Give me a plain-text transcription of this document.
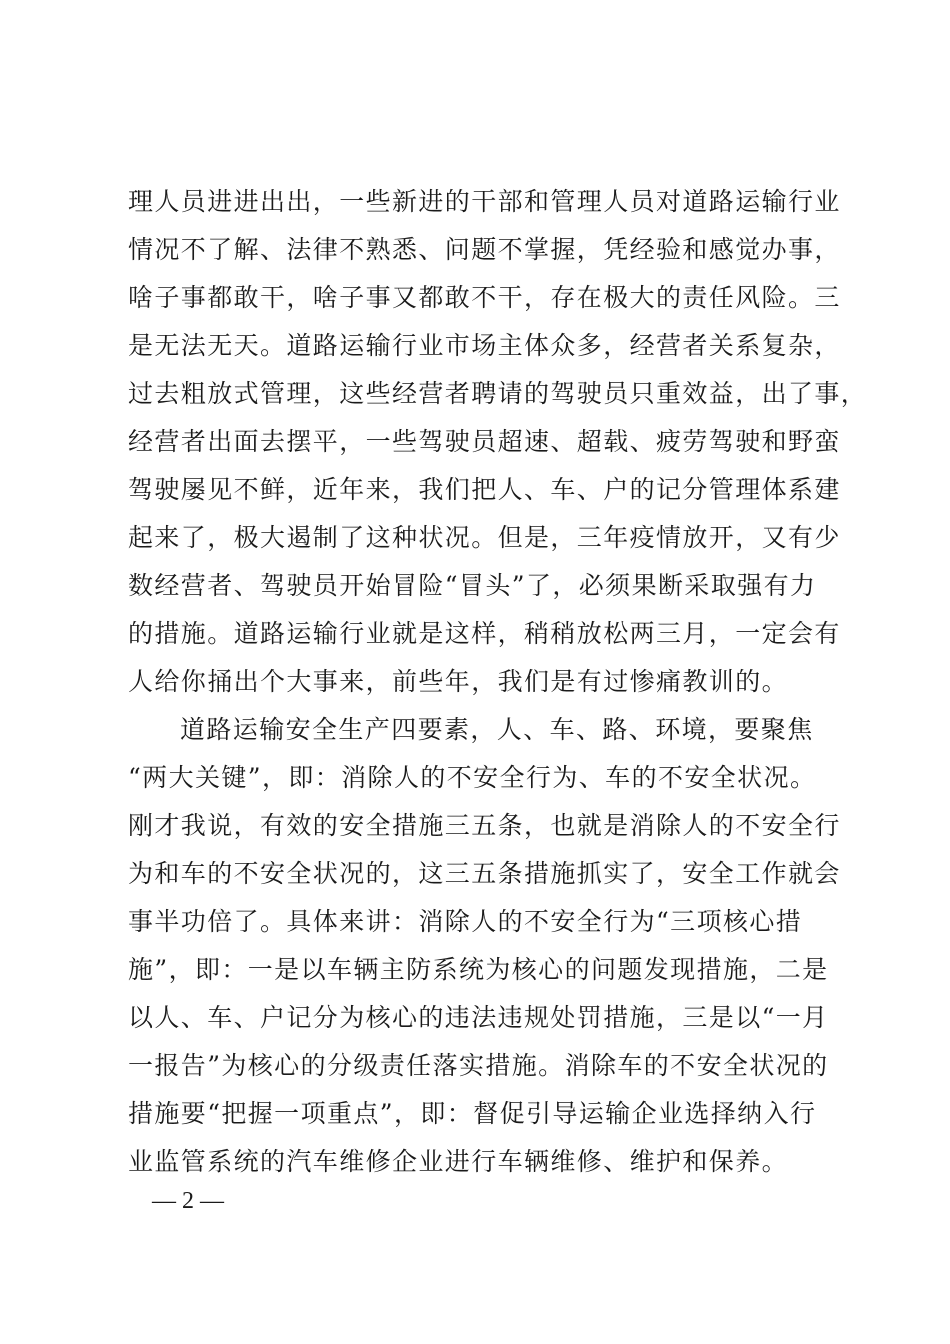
理人员进进出出，一些新进的干部和管理人员对道路运输行业
情况不了解、法律不熟悉、问题不掌握，凭经验和感觉办事，
啥子事都敢干，啥子事又都敢不干，存在极大的责任风险。三
是无法无天。道路运输行业市场主体众多，经营者关系复杂，
过去粗放式管理，这些经营者聘请的驾驶员只重效益，出了事，
经营者出面去摆平，一些驾驶员超速、超载、疲劳驾驶和野蛮
驾驶屡见不鲜，近年来，我们把人、车、户的记分管理体系建
起来了，极大遏制了这种状况。但是，三年疫情放开，又有少
数经营者、驾驶员开始冒险“冒头”了，必须果断采取强有力
的措施。道路运输行业就是这样，稍稍放松两三月，一定会有
人给你捅出个大事来，前些年，我们是有过惨痛教训的。
道路运输安全生产四要素，人、车、路、环境，要聚焦
“两大关键”，即：消除人的不安全行为、车的不安全状况。
刚才我说，有效的安全措施三五条，也就是消除人的不安全行
为和车的不安全状况的，这三五条措施抓实了，安全工作就会
事半功倍了。具体来讲：消除人的不安全行为“三项核心措
施”，即：一是以车辆主防系统为核心的问题发现措施，二是
以人、车、户记分为核心的违法违规处罚措施，三是以“一月
一报告”为核心的分级责任落实措施。消除车的不安全状况的
措施要“把握一项重点”，即：督促引导运输企业选择纳入行
业监管系统的汽车维修企业进行车辆维修、维护和保养。
— 2 —
